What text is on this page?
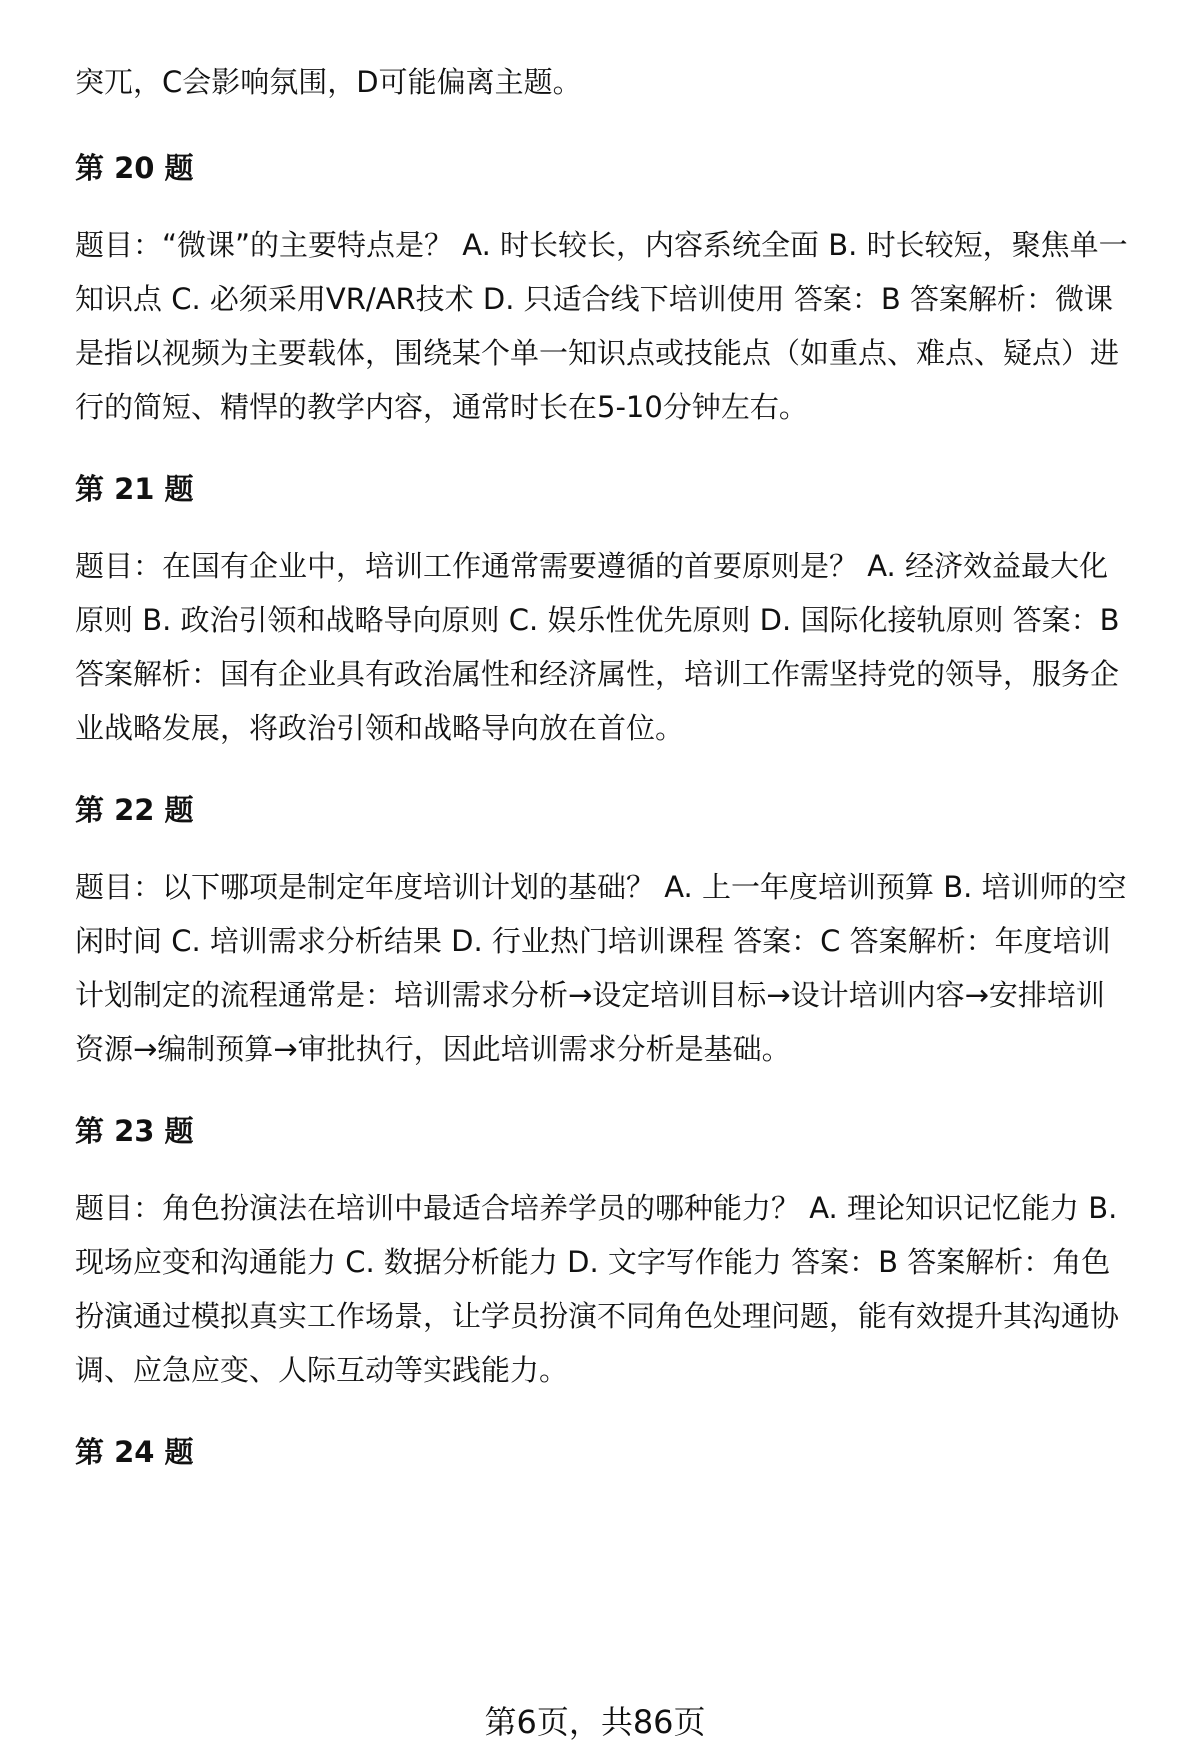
突兀，C会影响氛围，D可能偏离主题。
第 20 题
题目：“微课”的主要特点是？ A. 时长较长，内容系统全面 B. 时长较短，聚焦单一
知识点 C. 必须采用VR/AR技术 D. 只适合线下培训使用 答案：B 答案解析：微课
是指以视频为主要载体，围绕某个单一知识点或技能点（如重点、难点、疑点）进
行的简短、精悍的教学内容，通常时长在5-10分钟左右。
第 21 题
题目：在国有企业中，培训工作通常需要遵循的首要原则是？ A. 经济效益最大化
原则 B. 政治引领和战略导向原则 C. 娱乐性优先原则 D. 国际化接轨原则 答案：B
答案解析：国有企业具有政治属性和经济属性，培训工作需坚持党的领导，服务企
业战略发展，将政治引领和战略导向放在首位。
第 22 题
题目：以下哪项是制定年度培训计划的基础？ A. 上一年度培训预算 B. 培训师的空
闲时间 C. 培训需求分析结果 D. 行业热门培训课程 答案：C 答案解析：年度培训
计划制定的流程通常是：培训需求分析→设定培训目标→设计培训内容→安排培训
资源→编制预算→审批执行，因此培训需求分析是基础。
第 23 题
题目：角色扮演法在培训中最适合培养学员的哪种能力？ A. 理论知识记忆能力 B.
现场应变和沟通能力 C. 数据分析能力 D. 文字写作能力 答案：B 答案解析：角色
扮演通过模拟真实工作场景，让学员扮演不同角色处理问题，能有效提升其沟通协
调、应急应变、人际互动等实践能力。
第 24 题
第6页，共86页
